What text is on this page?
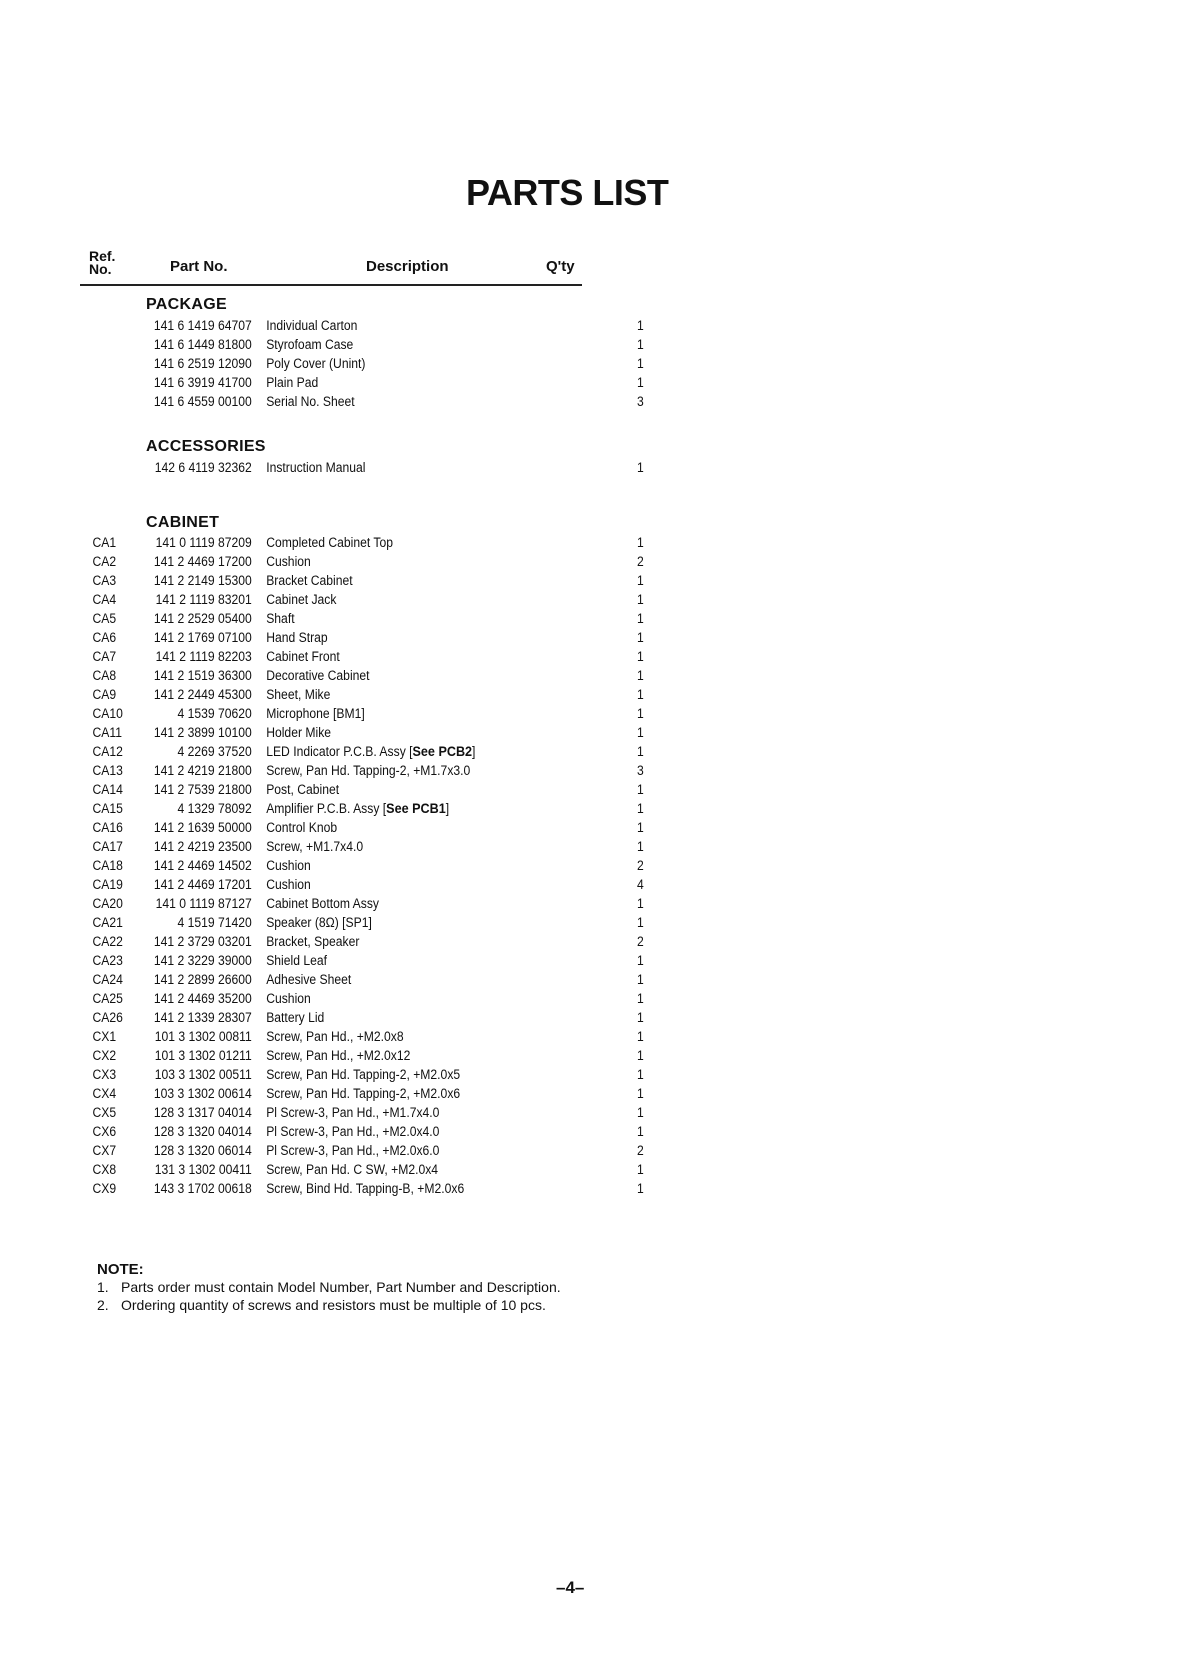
PARTS LIST
Ref.
No.	Part No.	Description	Q'ty
PACKAGE
141 6 1419 64707 Individual Carton	1
141 6 1449 81800 Styrofoam Case	1
141 6 2519 12090 Poly Cover (Unint)	1
141 6 3919 41700 Plain Pad	1
141 6 4559 00100 Serial No. Sheet	3
ACCESSORIES
142 6 4119 32362 Instruction Manual	1
CABINET
CA1	141 0 1119 87209 Completed Cabinet Top	1
CA2	141 2 4469 17200 Cushion	2
CA3	141 2 2149 15300 Bracket Cabinet	1
CA4	141 2 1119 83201 Cabinet Jack	1
CA5	141 2 2529 05400 Shaft	1
CA6	141 2 1769 07100 Hand Strap	1
CA7	141 2 1119 82203 Cabinet Front	1
CA8	141 2 1519 36300 Decorative Cabinet	1
CA9	141 2 2449 45300 Sheet, Mike	1
CA10	4 1539 70620 Microphone [BM1]	1
CA11	141 2 3899 10100 Holder Mike	1
CA12	4 2269 37520 LED Indicator P.C.B. Assy [See PCB2]	1
CA13	141 2 4219 21800 Screw, Pan Hd. Tapping-2, +M1.7x3.0	3
CA14	141 2 7539 21800 Post, Cabinet	1
CA15	4 1329 78092 Amplifier P.C.B. Assy [See PCB1]	1
CA16	141 2 1639 50000 Control Knob	1
CA17	141 2 4219 23500 Screw, +M1.7x4.0	1
CA18	141 2 4469 14502 Cushion	2
CA19	141 2 4469 17201 Cushion	4
CA20	141 0 1119 87127 Cabinet Bottom Assy	1
CA21	4 1519 71420 Speaker (8Ω) [SP1]	1
CA22	141 2 3729 03201 Bracket, Speaker	2
CA23	141 2 3229 39000 Shield Leaf	1
CA24	141 2 2899 26600 Adhesive Sheet	1
CA25	141 2 4469 35200 Cushion	1
CA26	141 2 1339 28307 Battery Lid	1
CX1	101 3 1302 00811 Screw, Pan Hd., +M2.0x8	1
CX2	101 3 1302 01211 Screw, Pan Hd., +M2.0x12	1
CX3	103 3 1302 00511 Screw, Pan Hd. Tapping-2, +M2.0x5	1
CX4	103 3 1302 00614 Screw, Pan Hd. Tapping-2, +M2.0x6	1
CX5	128 3 1317 04014 Pl Screw-3, Pan Hd., +M1.7x4.0	1
CX6	128 3 1320 04014 Pl Screw-3, Pan Hd., +M2.0x4.0	1
CX7	128 3 1320 06014 Pl Screw-3, Pan Hd., +M2.0x6.0	2
CX8	131 3 1302 00411 Screw, Pan Hd. C SW, +M2.0x4	1
CX9	143 3 1702 00618 Screw, Bind Hd. Tapping-B, +M2.0x6	1
NOTE:
1. Parts order must contain Model Number, Part Number and Description.
2. Ordering quantity of screws and resistors must be multiple of 10 pcs.
–4–
